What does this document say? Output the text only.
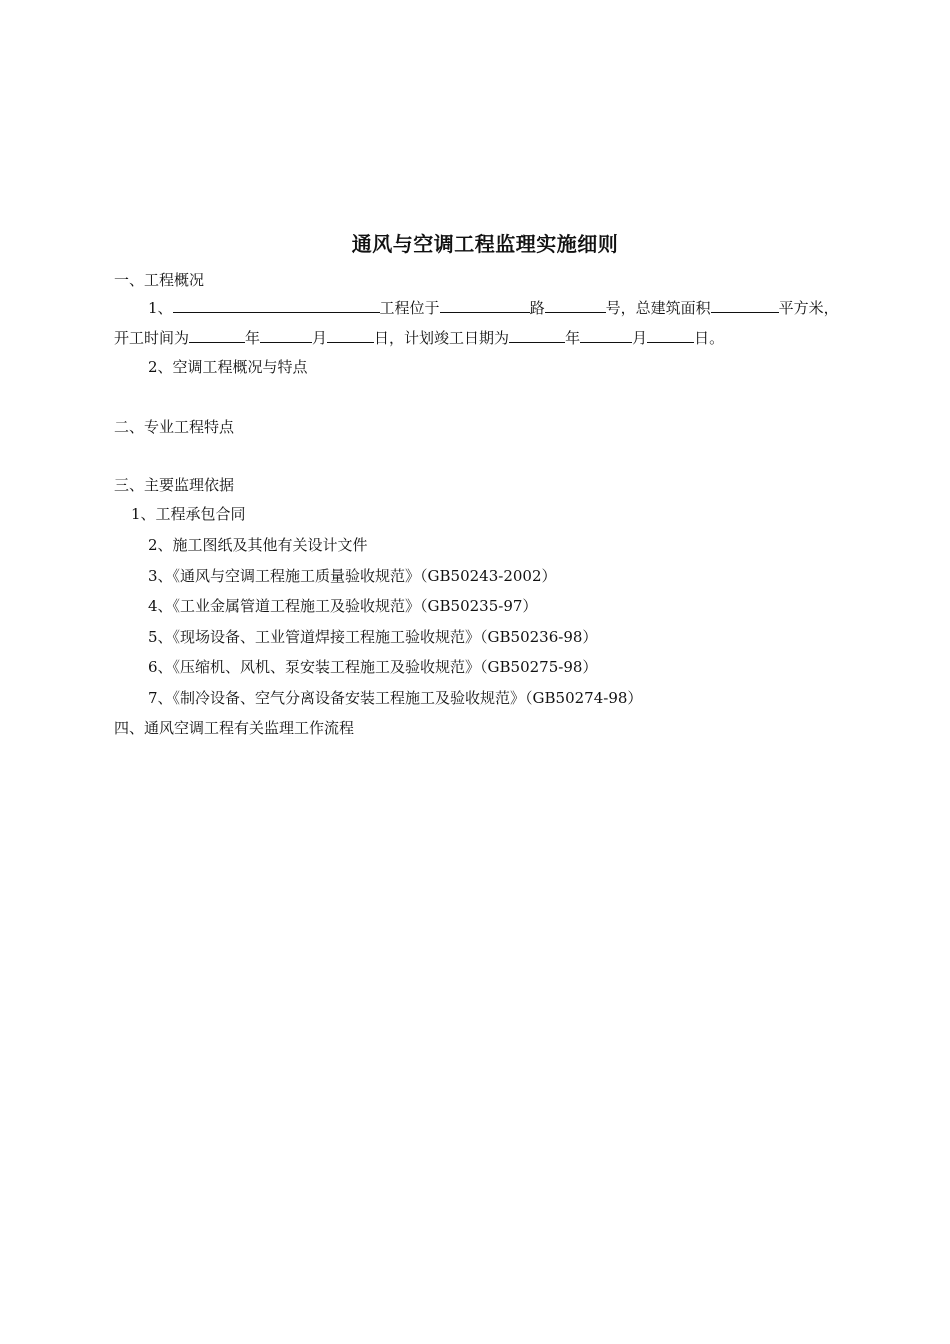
通风与空调工程监理实施细则
一、工程概况
1、	工程位于	路	号，总建筑面积	平方米，
开工时间为	年	月	日，计划竣工日期为	年	月	日。
2、空调工程概况与特点
二、专业工程特点
三、主要监理依据
1、工程承包合同
2、施工图纸及其他有关设计文件
3、《通风与空调工程施工质量验收规范》（GB50243-2002）
4、《工业金属管道工程施工及验收规范》（GB50235-97）
5、《现场设备、工业管道焊接工程施工验收规范》（GB50236-98）
6、《压缩机、风机、泵安装工程施工及验收规范》（GB50275-98）
7、《制冷设备、空气分离设备安装工程施工及验收规范》（GB50274-98）
四、通风空调工程有关监理工作流程
